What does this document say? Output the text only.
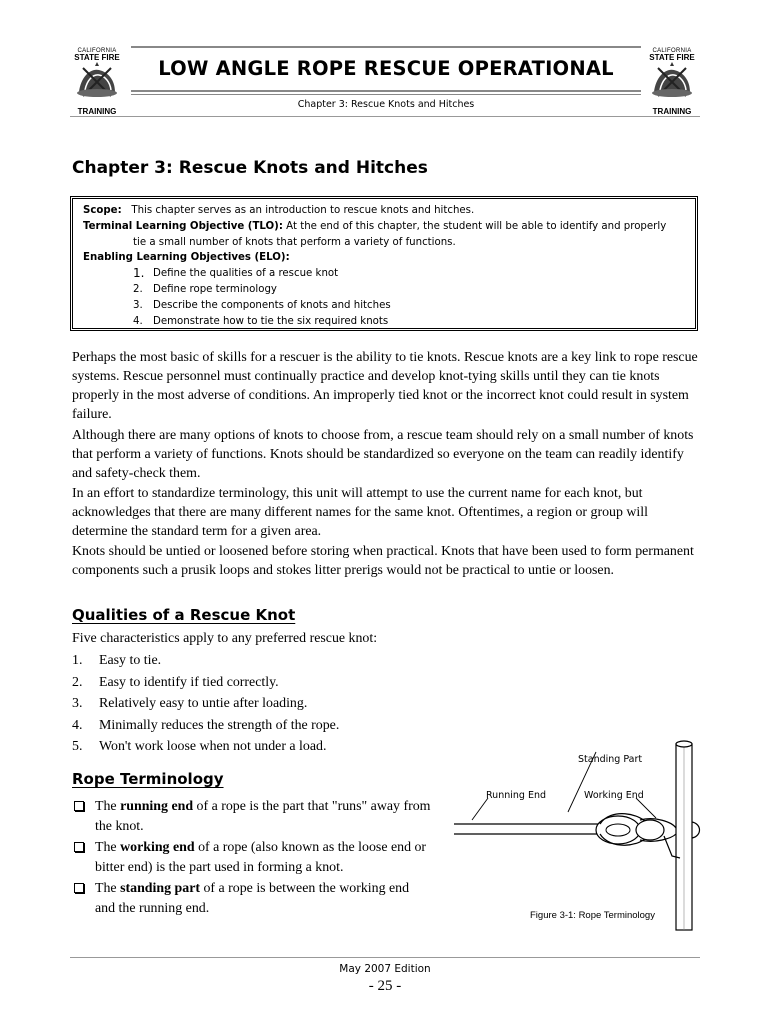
CALIFORNIA
STATE FIRE
TRAINING
CALIFORNIA
STATE FIRE
TRAINING
LOW ANGLE ROPE RESCUE OPERATIONAL
Chapter 3: Rescue Knots and Hitches
Chapter 3: Rescue Knots and Hitches
Scope: This chapter serves as an introduction to rescue knots and hitches.
Terminal Learning Objective (TLO): At the end of this chapter, the student will be able to identify and properly
tie a small number of knots that perform a variety of functions.
Enabling Learning Objectives (ELO):
1. Define the qualities of a rescue knot
2.	Define rope terminology
3.	Describe the components of knots and hitches
4.	Demonstrate how to tie the six required knots

Perhaps the most basic of skills for a rescuer is the ability to tie knots. Rescue knots are a key link to rope rescue systems. Rescue personnel must continually practice and develop knot-tying skills until they can tie knots properly in the most adverse of conditions. An improperly tied knot or the incorrect knot could result in system failure.

Although there are many options of knots to choose from, a rescue team should rely on a small number of knots that perform a variety of functions. Knots should be standardized so everyone on the team can readily identify and safety-check them.

In an effort to standardize terminology, this unit will attempt to use the current name for each knot, but acknowledges that there are many different names for the same knot. Oftentimes, a region or group will determine the standard term for a given area.

Knots should be untied or loosened before storing when practical. Knots that have been used to form permanent components such a prusik loops and stokes litter prerigs would not be practical to untie or loosen.

Qualities of a Rescue Knot
Five characteristics apply to any preferred rescue knot:
1.	Easy to tie.
2.	Easy to identify if tied correctly.
3.	Relatively easy to untie after loading.
4.	Minimally reduces the strength of the rope.
5.	Won't work loose when not under a load.
Rope Terminology
The running end of a rope is the part that "runs" away from the knot.
The working end of a rope (also known as the loose end or bitter end) is the part used in forming a knot.
The standing part of a rope is between the working end and the running end.
Standing Part
Running End	Working End
Figure 3-1: Rope Terminology
May 2007 Edition
- 25 -
